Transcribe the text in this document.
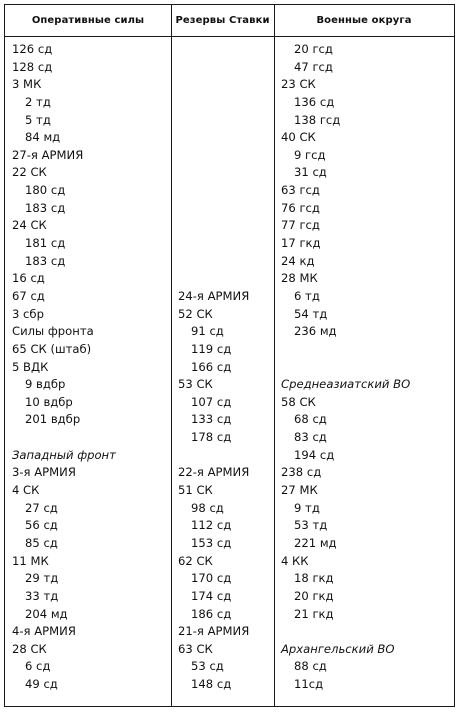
Оперативные силы	Резервы Ставки	Военные округа
126 сд
128 сд
3 МК
2 тд
5 тд
84 мд
27-я АРМИЯ
22 СК
180 сд
183 сд
24 СК
181 сд
183 сд
16 сд
67 сд
3 сбр
Силы фронта
65 СК (штаб)
5 ВДК
9 вдбр
10 вдбр
201 вдбр
Западный фронт
3-я АРМИЯ
4 СК
27 сд
56 сд
85 сд
11 МК
29 тд
33 тд
204 мд
4-я АРМИЯ
28 СК
6 сд
49 сд
24-я АРМИЯ
52 СК
91 сд
119 сд
166 сд
53 СК
107 сд
133 сд
178 сд
22-я АРМИЯ
51 СК
98 сд
112 сд
153 сд
62 СК
170 сд
174 сд
186 сд
21-я АРМИЯ
63 СК
53 сд
148 сд
20 гсд
47 гсд
23 СК
136 сд
138 гсд
40 СК
9 гсд
31 сд
63 гсд
76 гсд
77 гсд
17 гкд
24 кд
28 МК
6 тд
54 тд
236 мд
Среднеазиатский ВО
58 СК
68 сд
83 сд
194 сд
238 сд
27 МК
9 тд
53 тд
221 мд
4 КК
18 гкд
20 гкд
21 гкд
Архангельский ВО
88 сд
11сд
